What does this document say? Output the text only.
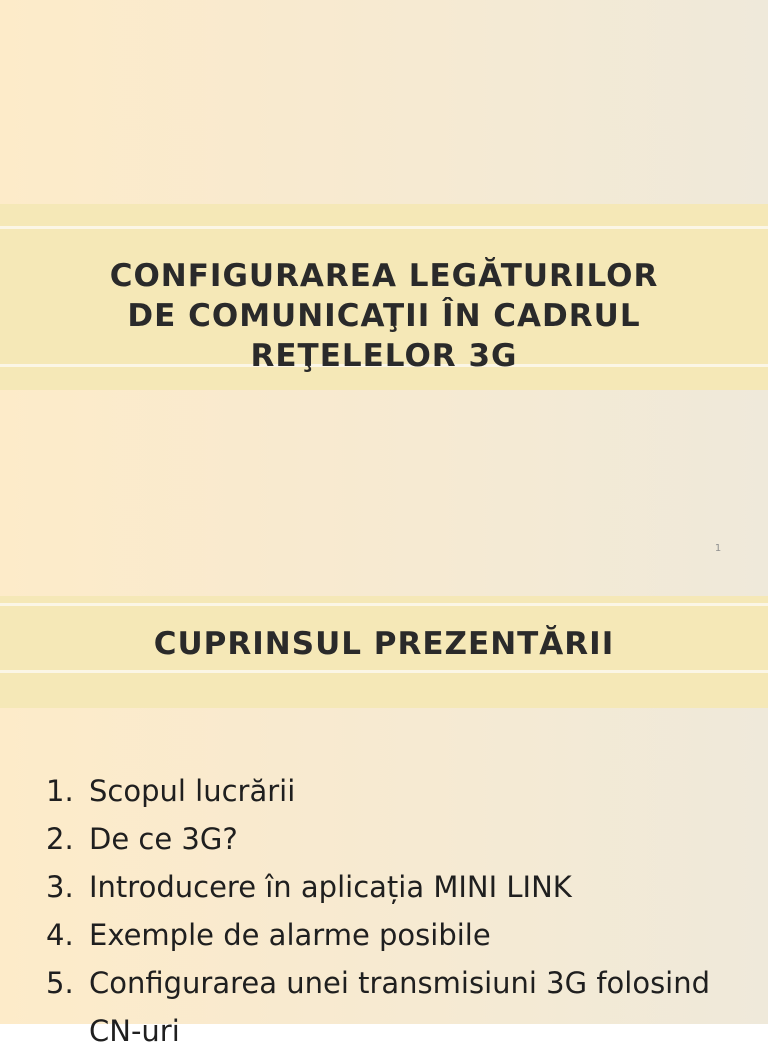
CONFIGURAREA LEGĂTURILOR
DE COMUNICAŢII ÎN CADRUL
REŢELELOR 3G
1
CUPRINSUL PREZENTĂRII
1. Scopul lucrării
2. De ce 3G?
3. Introducere în aplicația MINI LINK
4. Exemple de alarme posibile
5. Configurarea unei transmisiuni 3G folosind CN-uri
